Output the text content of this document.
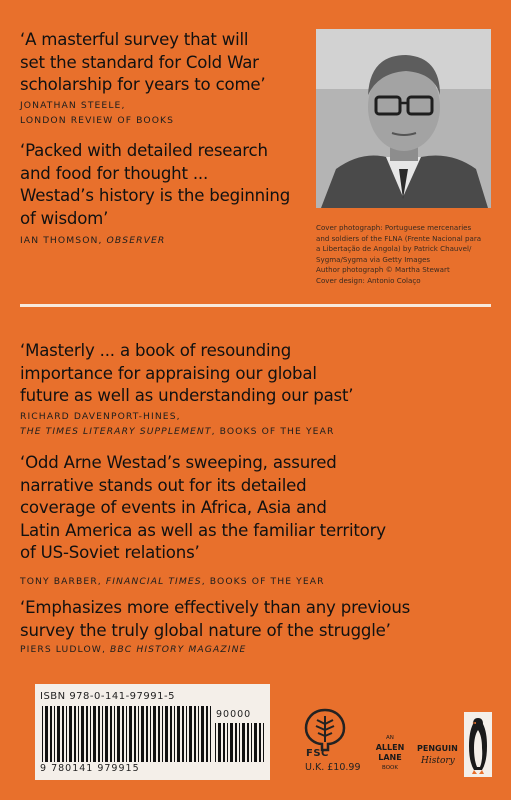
‘A masterful survey that will
set the standard for Cold War
scholarship for years to come’
JONATHAN STEELE,
LONDON REVIEW OF BOOKS
‘Packed with detailed research
and food for thought ...
Westad’s history is the beginning
of wisdom’
IAN THOMSON, OBSERVER
Cover photograph: Portuguese mercenaries
and soldiers of the FLNA (Frente Nacional para
a Libertação de Angola) by Patrick Chauvel/
Sygma/Sygma via Getty Images
Author photograph © Martha Stewart
Cover design: Antonio Colaço
‘Masterly ... a book of resounding
importance for appraising our global
future as well as understanding our past’
RICHARD DAVENPORT-HINES,
THE TIMES LITERARY SUPPLEMENT, BOOKS OF THE YEAR
‘Odd Arne Westad’s sweeping, assured
narrative stands out for its detailed
coverage of events in Africa, Asia and
Latin America as well as the familiar territory
of US-Soviet relations’
TONY BARBER, FINANCIAL TIMES, BOOKS OF THE YEAR
‘Emphasizes more effectively than any previous
survey the truly global nature of the struggle’
PIERS LUDLOW, BBC HISTORY MAGAZINE
ISBN 978-0-141-97991-5
9 780141 979915
90000
FSC
U.K. £10.99
AN
ALLEN
LANE
BOOK
PENGUIN
History
